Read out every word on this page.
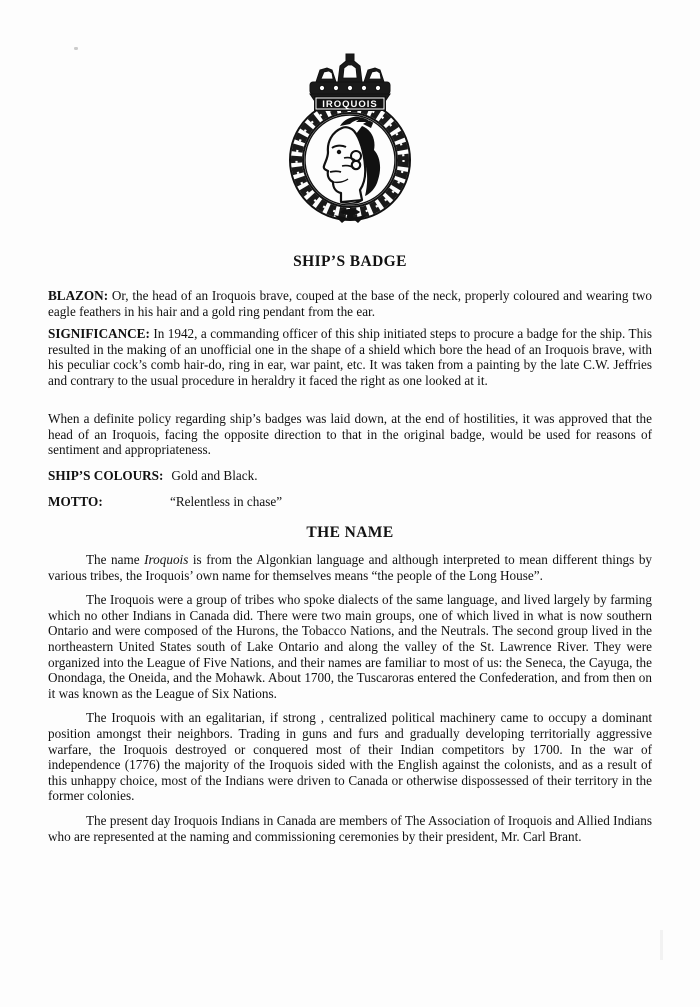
IROQUOIS
SHIP’S BADGE

BLAZON: Or, the head of an Iroquois brave, couped at the base of the neck, properly coloured and wearing two eagle feathers in his hair and a gold ring pendant from the ear.

SIGNIFICANCE: In 1942, a commanding officer of this ship initiated steps to procure a badge for the ship. This resulted in the making of an unofficial one in the shape of a shield which bore the head of an Iroquois brave, with his peculiar cock’s comb hair-do, ring in ear, war paint, etc. It was taken from a painting by the late C.W. Jeffries and contrary to the usual procedure in heraldry it faced the right as one looked at it.

When a definite policy regarding ship’s badges was laid down, at the end of hostilities, it was approved that the head of an Iroquois, facing the opposite direction to that in the original badge, would be used for reasons of sentiment and appropriateness.

SHIP’S COLOURS: Gold and Black.
MOTTO:	“Relentless in chase”
THE NAME

The name Iroquois is from the Algonkian language and although interpreted to mean different things by various tribes, the Iroquois’ own name for themselves means “the people of the Long House”.

The Iroquois were a group of tribes who spoke dialects of the same language, and lived largely by farming which no other Indians in Canada did. There were two main groups, one of which lived in what is now southern Ontario and were composed of the Hurons, the Tobacco Nations, and the Neutrals. The second group lived in the northeastern United States south of Lake Ontario and along the valley of the St. Lawrence River. They were organized into the League of Five Nations, and their names are familiar to most of us: the Seneca, the Cayuga, the Onondaga, the Oneida, and the Mohawk. About 1700, the Tuscaroras entered the Confederation, and from then on it was known as the League of Six Nations.

The Iroquois with an egalitarian, if strong , centralized political machinery came to occupy a dominant position amongst their neighbors. Trading in guns and furs and gradually developing territorially aggressive warfare, the Iroquois destroyed or conquered most of their Indian competitors by 1700. In the war of independence (1776) the majority of the Iroquois sided with the English against the colonists, and as a result of this unhappy choice, most of the Indians were driven to Canada or otherwise dispossessed of their territory in the former colonies.

The present day Iroquois Indians in Canada are members of The Association of Iroquois and Allied Indians who are represented at the naming and commissioning ceremonies by their president, Mr. Carl Brant.
